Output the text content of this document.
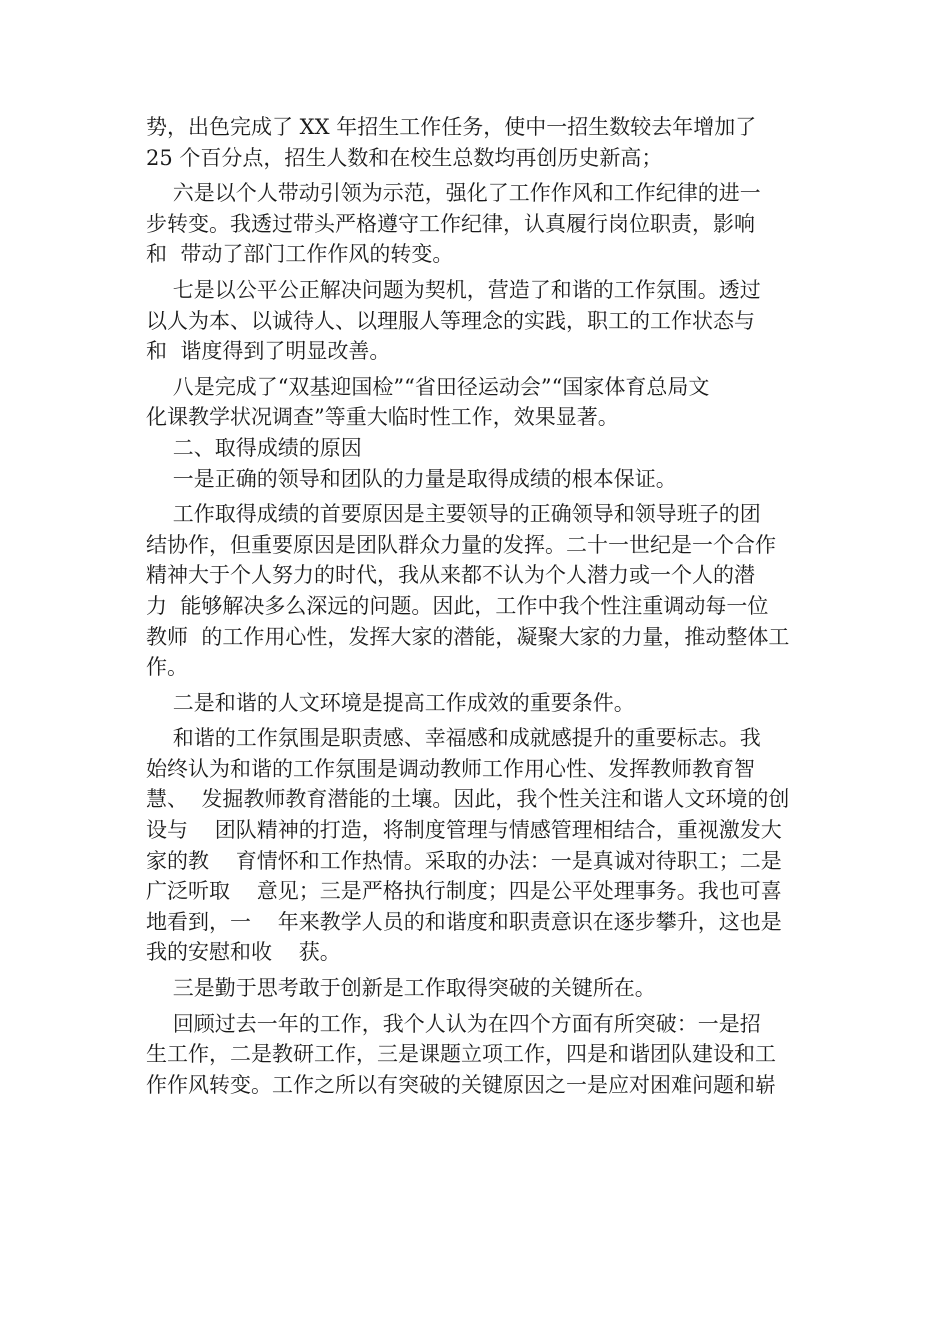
势，出色完成了 XX 年招生工作任务，使中一招生数较去年增加了
25 个百分点，招生人数和在校生总数均再创历史新高；
六是以个人带动引领为示范，强化了工作作风和工作纪律的进一
步转变。我透过带头严格遵守工作纪律，认真履行岗位职责，影响
和  带动了部门工作作风的转变。
七是以公平公正解决问题为契机，营造了和谐的工作氛围。透过
以人为本、以诚待人、以理服人等理念的实践，职工的工作状态与
和  谐度得到了明显改善。
八是完成了“双基迎国检”“省田径运动会”“国家体育总局文
化课教学状况调查”等重大临时性工作，效果显著。
二、取得成绩的原因
一是正确的领导和团队的力量是取得成绩的根本保证。
工作取得成绩的首要原因是主要领导的正确领导和领导班子的团
结协作，但重要原因是团队群众力量的发挥。二十一世纪是一个合作
精神大于个人努力的时代，我从来都不认为个人潜力或一个人的潜
力  能够解决多么深远的问题。因此，工作中我个性注重调动每一位
教师  的工作用心性，发挥大家的潜能，凝聚大家的力量，推动整体工
作。
二是和谐的人文环境是提高工作成效的重要条件。
和谐的工作氛围是职责感、幸福感和成就感提升的重要标志。我
始终认为和谐的工作氛围是调动教师工作用心性、发挥教师教育智
慧、  发掘教师教育潜能的土壤。因此，我个性关注和谐人文环境的创
设与    团队精神的打造，将制度管理与情感管理相结合，重视激发大
家的教    育情怀和工作热情。采取的办法：一是真诚对待职工；二是
广泛听取    意见；三是严格执行制度；四是公平处理事务。我也可喜
地看到，一    年来教学人员的和谐度和职责意识在逐步攀升，这也是
我的安慰和收    获。
三是勤于思考敢于创新是工作取得突破的关键所在。
回顾过去一年的工作，我个人认为在四个方面有所突破：一是招
生工作，二是教研工作，三是课题立项工作，四是和谐团队建设和工
作作风转变。工作之所以有突破的关键原因之一是应对困难问题和崭
